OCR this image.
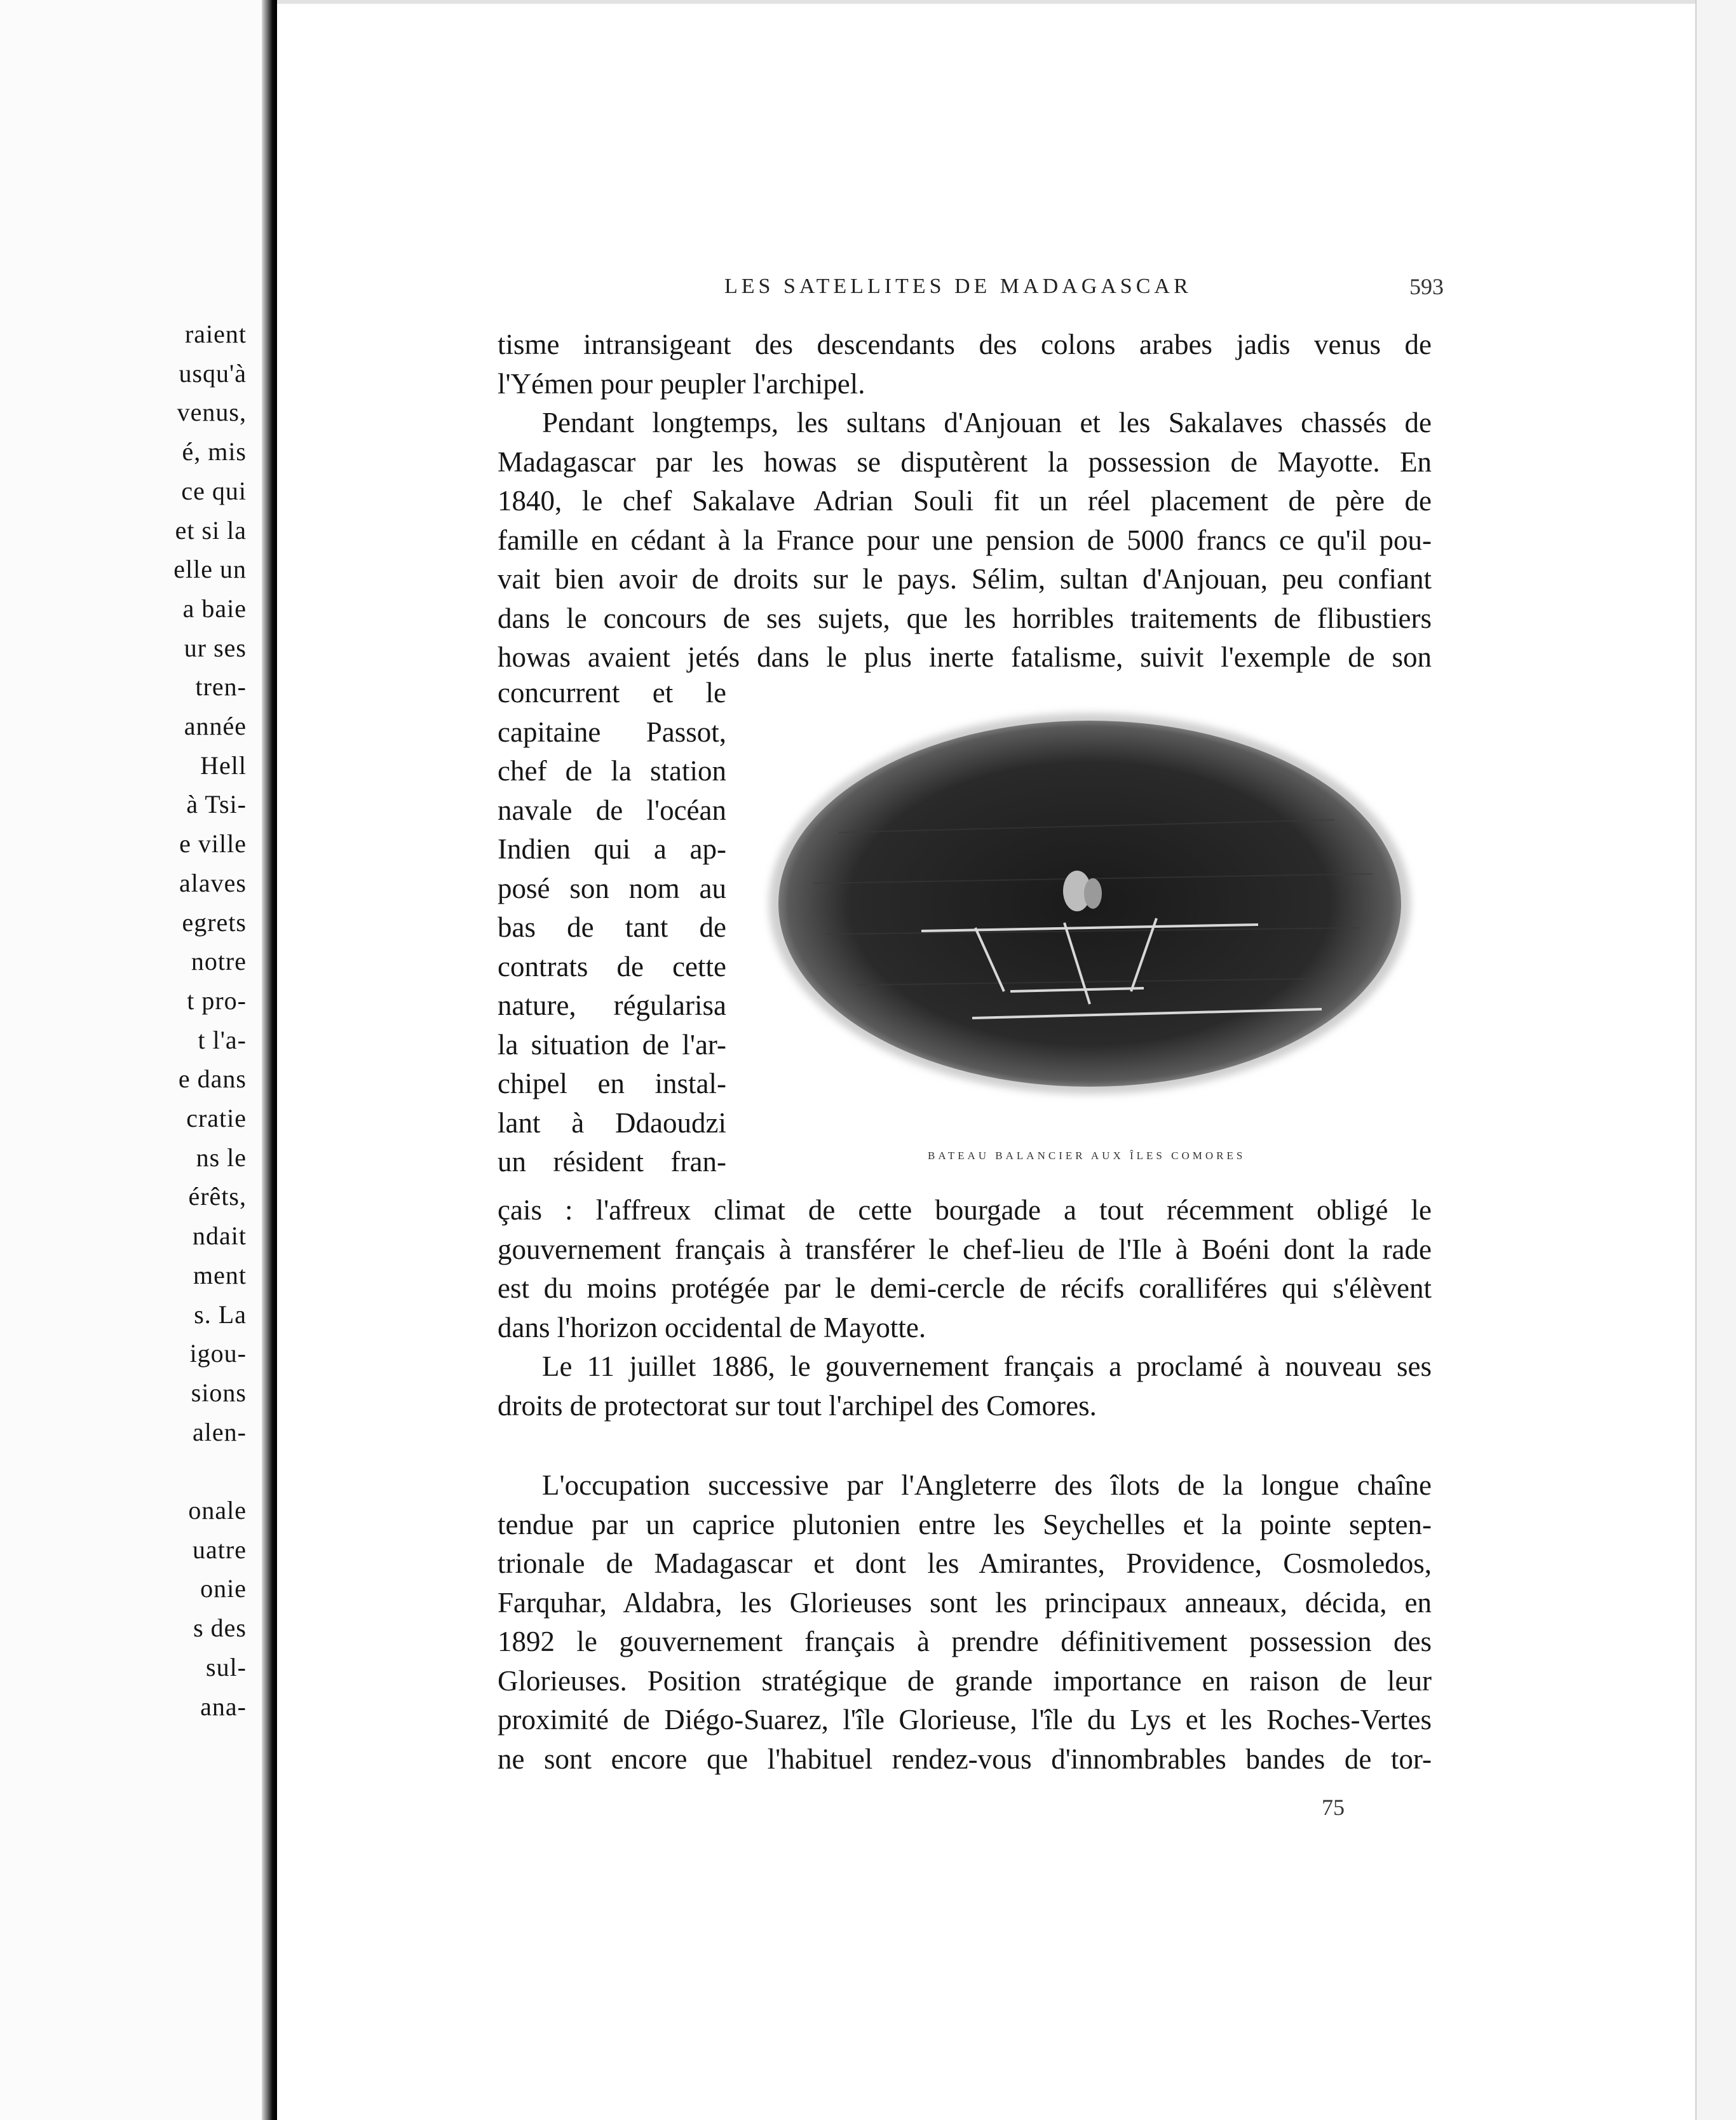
raient
usqu'à
venus,
é, mis
ce qui
et si la
elle un
a baie
ur ses
tren-
année
Hell
à Tsi-
e ville
alaves
egrets
notre
t pro-
t l'a-
e dans
cratie
ns le
érêts,
ndait
ment
s. La
igou-
sions
alen-
onale
uatre
onie
s des
sul-
ana-
LES SATELLITES DE MADAGASCAR	593
tisme intransigeant des descendants des colons arabes jadis venus de
l'Yémen pour peupler l'archipel.
Pendant longtemps, les sultans d'Anjouan et les Sakalaves chassés de
Madagascar par les howas se disputèrent la possession de Mayotte. En
1840, le chef Sakalave Adrian Souli fit un réel placement de père de
famille en cédant à la France pour une pension de 5000 francs ce qu'il pou-
vait bien avoir de droits sur le pays. Sélim, sultan d'Anjouan, peu confiant
dans le concours de ses sujets, que les horribles traitements de flibustiers
howas avaient jetés dans le plus inerte fatalisme, suivit l'exemple de son
concurrent et le
capitaine Passot,
chef de la station
navale de l'océan
Indien qui a ap-
posé son nom au
bas de tant de
contrats de cette
nature, régularisa
la situation de l'ar-
chipel en instal-
lant à Ddaoudzi
un résident fran-	BATEAU BALANCIER AUX ÎLES COMORES
çais : l'affreux climat de cette bourgade a tout récemment obligé le
gouvernement français à transférer le chef-lieu de l'Ile à Boéni dont la rade
est du moins protégée par le demi-cercle de récifs coralliféres qui s'élèvent
dans l'horizon occidental de Mayotte.
Le 11 juillet 1886, le gouvernement français a proclamé à nouveau ses
droits de protectorat sur tout l'archipel des Comores.
L'occupation successive par l'Angleterre des îlots de la longue chaîne
tendue par un caprice plutonien entre les Seychelles et la pointe septen-
trionale de Madagascar et dont les Amirantes, Providence, Cosmoledos,
Farquhar, Aldabra, les Glorieuses sont les principaux anneaux, décida, en
1892 le gouvernement français à prendre définitivement possession des
Glorieuses. Position stratégique de grande importance en raison de leur
proximité de Diégo-Suarez, l'île Glorieuse, l'île du Lys et les Roches-Vertes
ne sont encore que l'habituel rendez-vous d'innombrables bandes de tor-
75
